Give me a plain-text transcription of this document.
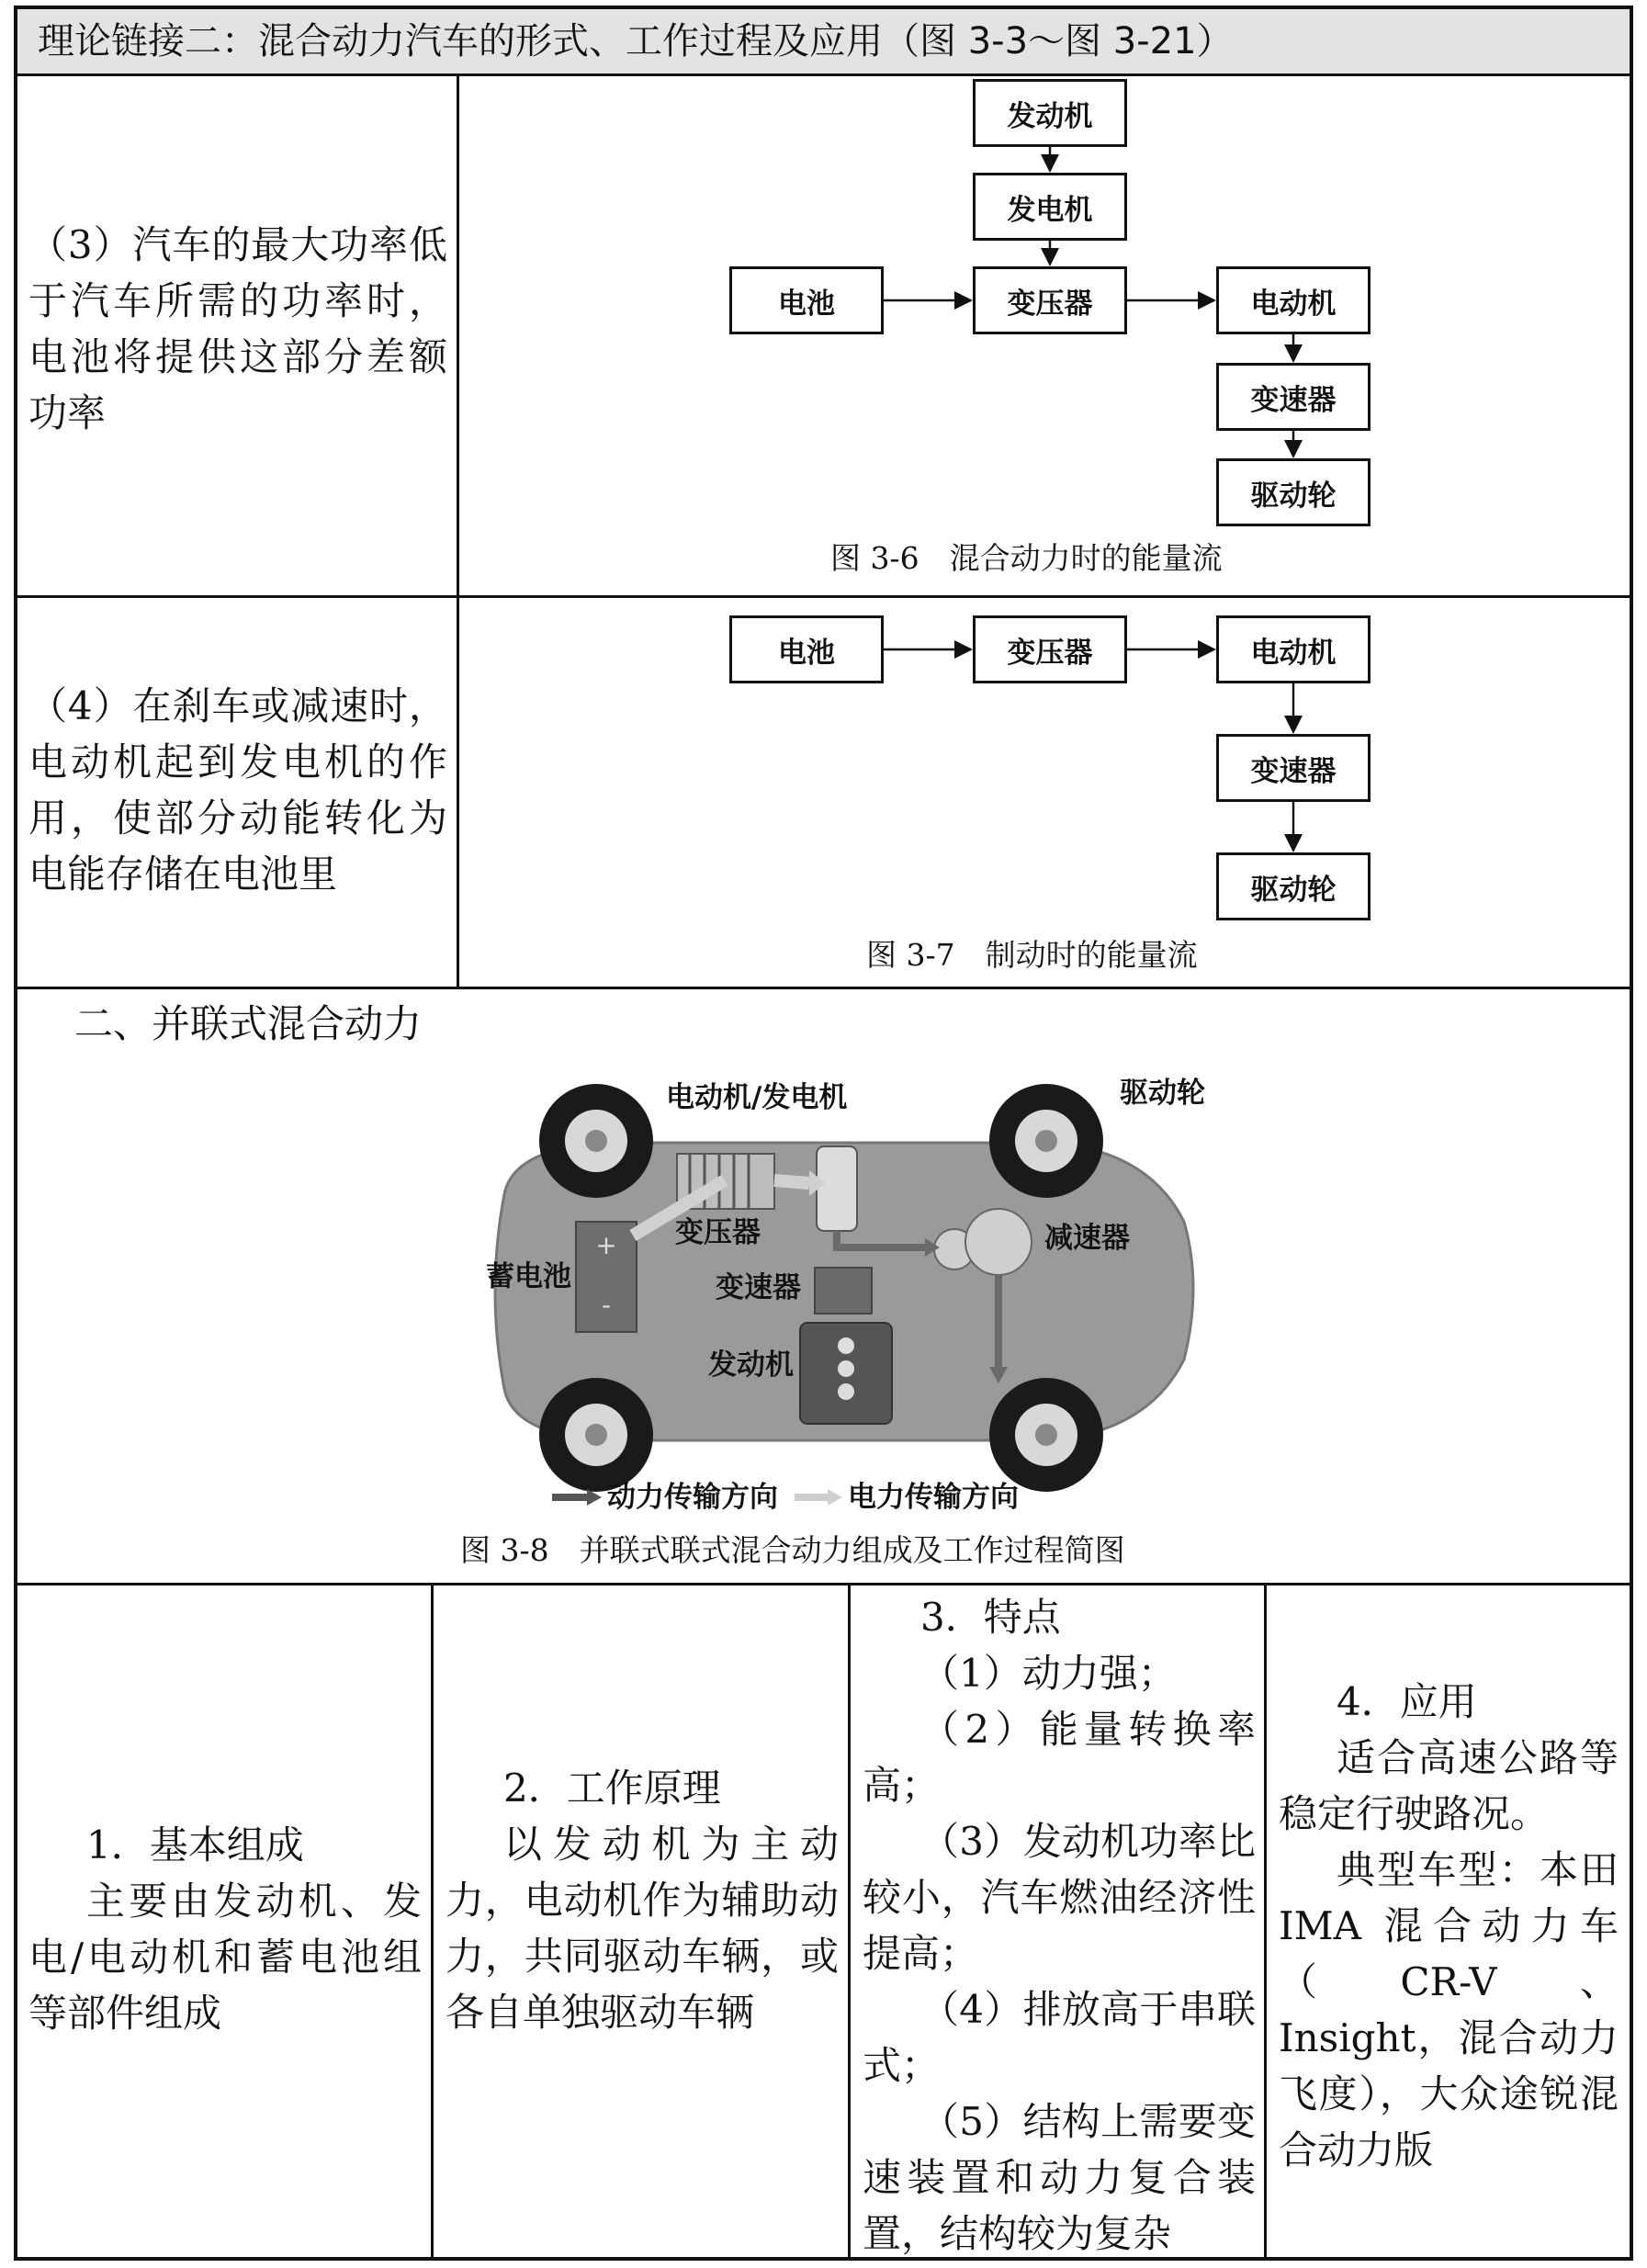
理论链接二：混合动力汽车的形式、工作过程及应用（图 3-3～图 3-21）
（3）汽车的最大功率低于汽车所需的功率时，电池将提供这部分差额功率
发动机
发电机
电池	变压器	电动机
变速器
驱动轮
图 3-6　混合动力时的能量流
（4）在刹车或减速时，电动机起到发电机的作用，使部分动能转化为电能存储在电池里
电池	变压器	电动机
变速器
驱动轮
图 3-7　制动时的能量流
二、并联式混合动力
+
-
电动机/发电机	驱动轮
变压器	减速器
蓄电池	变速器
发动机
动力传输方向 电力传输方向
图 3-8　并联式联式混合动力组成及工作过程简图
1．基本组成
主要由发动机、发电/电动机和蓄电池组等部件组成
2．工作原理
以发动机为主动力，电动机作为辅助动力，共同驱动车辆，或各自单独驱动车辆
3．特点
（1）动力强；
（2）能量转换率高；
（3）发动机功率比较小，汽车燃油经济性提高；
（4）排放高于串联式；
（5）结构上需要变速装置和动力复合装置，结构较为复杂
4．应用
适合高速公路等稳定行驶路况。
典型车型：本田 IMA 混合动力车（CR-V、Insight，混合动力飞度），大众途锐混合动力版
